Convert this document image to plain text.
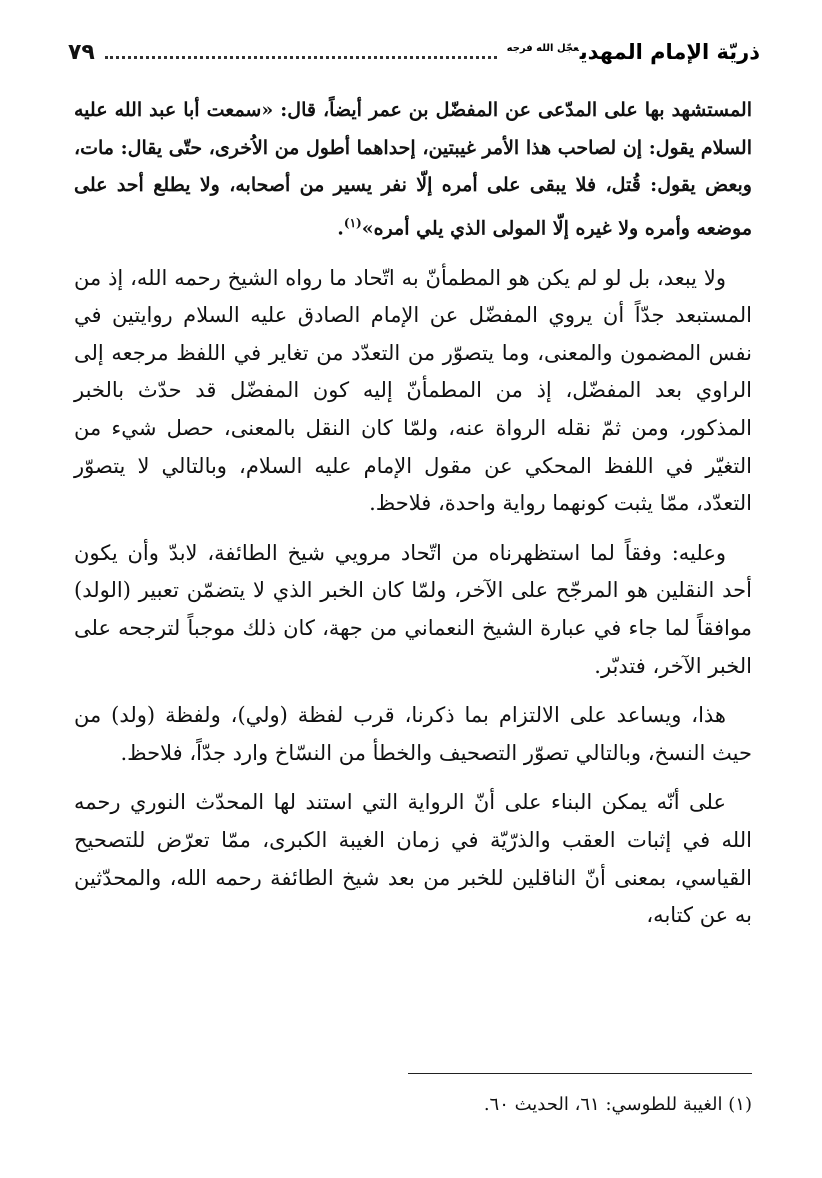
ذريّة الإمام المهدي$^{عجّل الله فرجه}$
٧٩

المستشهد بها على المدّعى عن المفضّل بن عمر أيضاً، قال: «سمعت أبا عبد الله عليه السلام يقول: إن لصاحب هذا الأمر غيبتين، إحداهما أطول من الاُخرى، حتّى يقال: مات، وبعض يقول: قُتل، فلا يبقى على أمره إلّا نفر يسير من أصحابه، ولا يطلع أحد على موضعه وأمره ولا غيره إلّا المولى الذي يلي أمره»$^{(١)}$.

ولا يبعد، بل لو لم يكن هو المطمأنّ به اتّحاد ما رواه الشيخ رحمه الله، إذ من المستبعد جدّاً أن يروي المفضّل عن الإمام الصادق عليه السلام روايتين في نفس المضمون والمعنى، وما يتصوّر من التعدّد من تغاير في اللفظ مرجعه إلى الراوي بعد المفضّل، إذ من المطمأنّ إليه كون المفضّل قد حدّث بالخبر المذكور، ومن ثمّ نقله الرواة عنه، ولمّا كان النقل بالمعنى، حصل شيء من التغيّر في اللفظ المحكي عن مقول الإمام عليه السلام، وبالتالي لا يتصوّر التعدّد، ممّا يثبت كونهما رواية واحدة، فلاحظ.

وعليه: وفقاً لما استظهرناه من اتّحاد مرويي شيخ الطائفة، لابدّ وأن يكون أحد النقلين هو المرجّح على الآخر، ولمّا كان الخبر الذي لا يتضمّن تعبير (الولد) موافقاً لما جاء في عبارة الشيخ النعماني من جهة، كان ذلك موجباً لترجحه على الخبر الآخر، فتدبّر.

هذا، ويساعد على الالتزام بما ذكرنا، قرب لفظة (ولي)، ولفظة (ولد) من حيث النسخ، وبالتالي تصوّر التصحيف والخطأ من النسّاخ وارد جدّاً، فلاحظ.

على أنّه يمكن البناء على أنّ الرواية التي استند لها المحدّث النوري رحمه الله في إثبات العقب والذرّيّة في زمان الغيبة الكبرى، ممّا تعرّض للتصحيح القياسي، بمعنى أنّ الناقلين للخبر من بعد شيخ الطائفة رحمه الله، والمحدّثين به عن كتابه،

(١) الغيبة للطوسي: ٦١، الحديث ٦٠.
